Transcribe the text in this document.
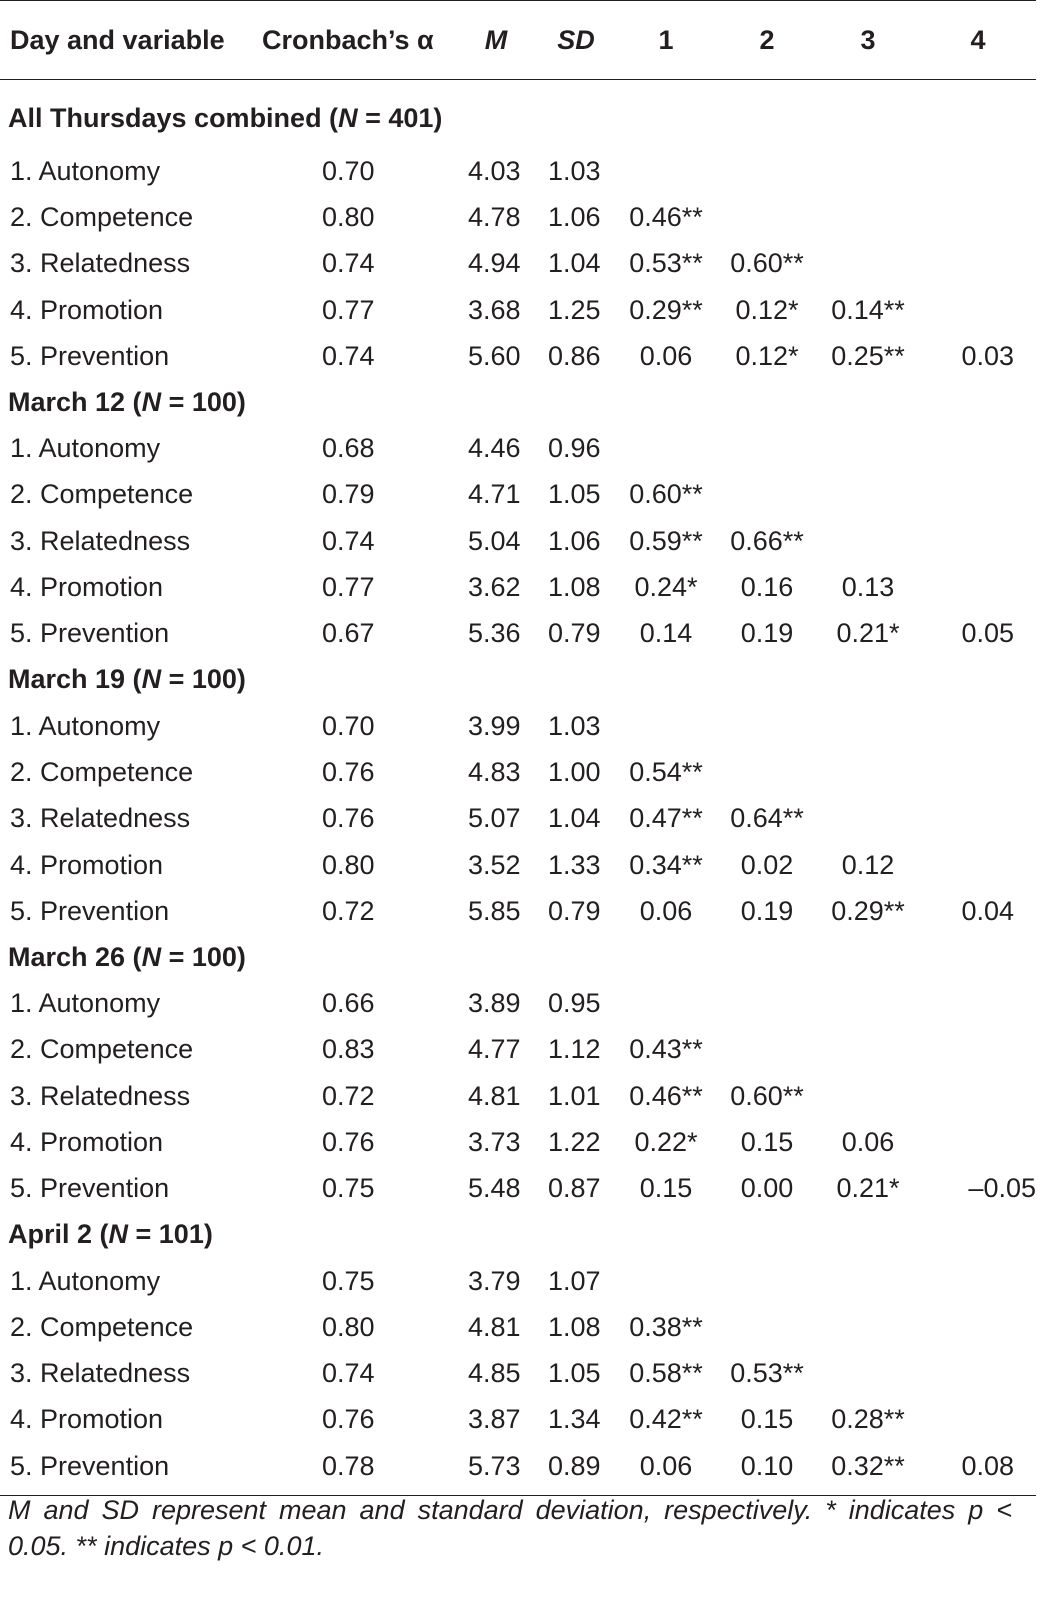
Day and variable	Cronbach’s α	M	SD	1	2	3	4
All Thursdays combined (N = 401)							
1. Autonomy	0.70	4.03	1.03				
2. Competence	0.80	4.78	1.06	0.46**			
3. Relatedness	0.74	4.94	1.04	0.53**	0.60**		
4. Promotion	0.77	3.68	1.25	0.29**	0.12*	0.14**	
5. Prevention	0.74	5.60	0.86	0.06	0.12*	0.25**	0.03
March 12 (N = 100)							
1. Autonomy	0.68	4.46	0.96				
2. Competence	0.79	4.71	1.05	0.60**			
3. Relatedness	0.74	5.04	1.06	0.59**	0.66**		
4. Promotion	0.77	3.62	1.08	0.24*	0.16	0.13	
5. Prevention	0.67	5.36	0.79	0.14	0.19	0.21*	0.05
March 19 (N = 100)							
1. Autonomy	0.70	3.99	1.03				
2. Competence	0.76	4.83	1.00	0.54**			
3. Relatedness	0.76	5.07	1.04	0.47**	0.64**		
4. Promotion	0.80	3.52	1.33	0.34**	0.02	0.12	
5. Prevention	0.72	5.85	0.79	0.06	0.19	0.29**	0.04
March 26 (N = 100)							
1. Autonomy	0.66	3.89	0.95				
2. Competence	0.83	4.77	1.12	0.43**			
3. Relatedness	0.72	4.81	1.01	0.46**	0.60**		
4. Promotion	0.76	3.73	1.22	0.22*	0.15	0.06	
5. Prevention	0.75	5.48	0.87	0.15	0.00	0.21*	–0.05
April 2 (N = 101)							
1. Autonomy	0.75	3.79	1.07				
2. Competence	0.80	4.81	1.08	0.38**			
3. Relatedness	0.74	4.85	1.05	0.58**	0.53**		
4. Promotion	0.76	3.87	1.34	0.42**	0.15	0.28**	
5. Prevention	0.78	5.73	0.89	0.06	0.10	0.32**	0.08
M and SD represent mean and standard deviation, respectively. * indicates p < 0.05. ** indicates p < 0.01.
